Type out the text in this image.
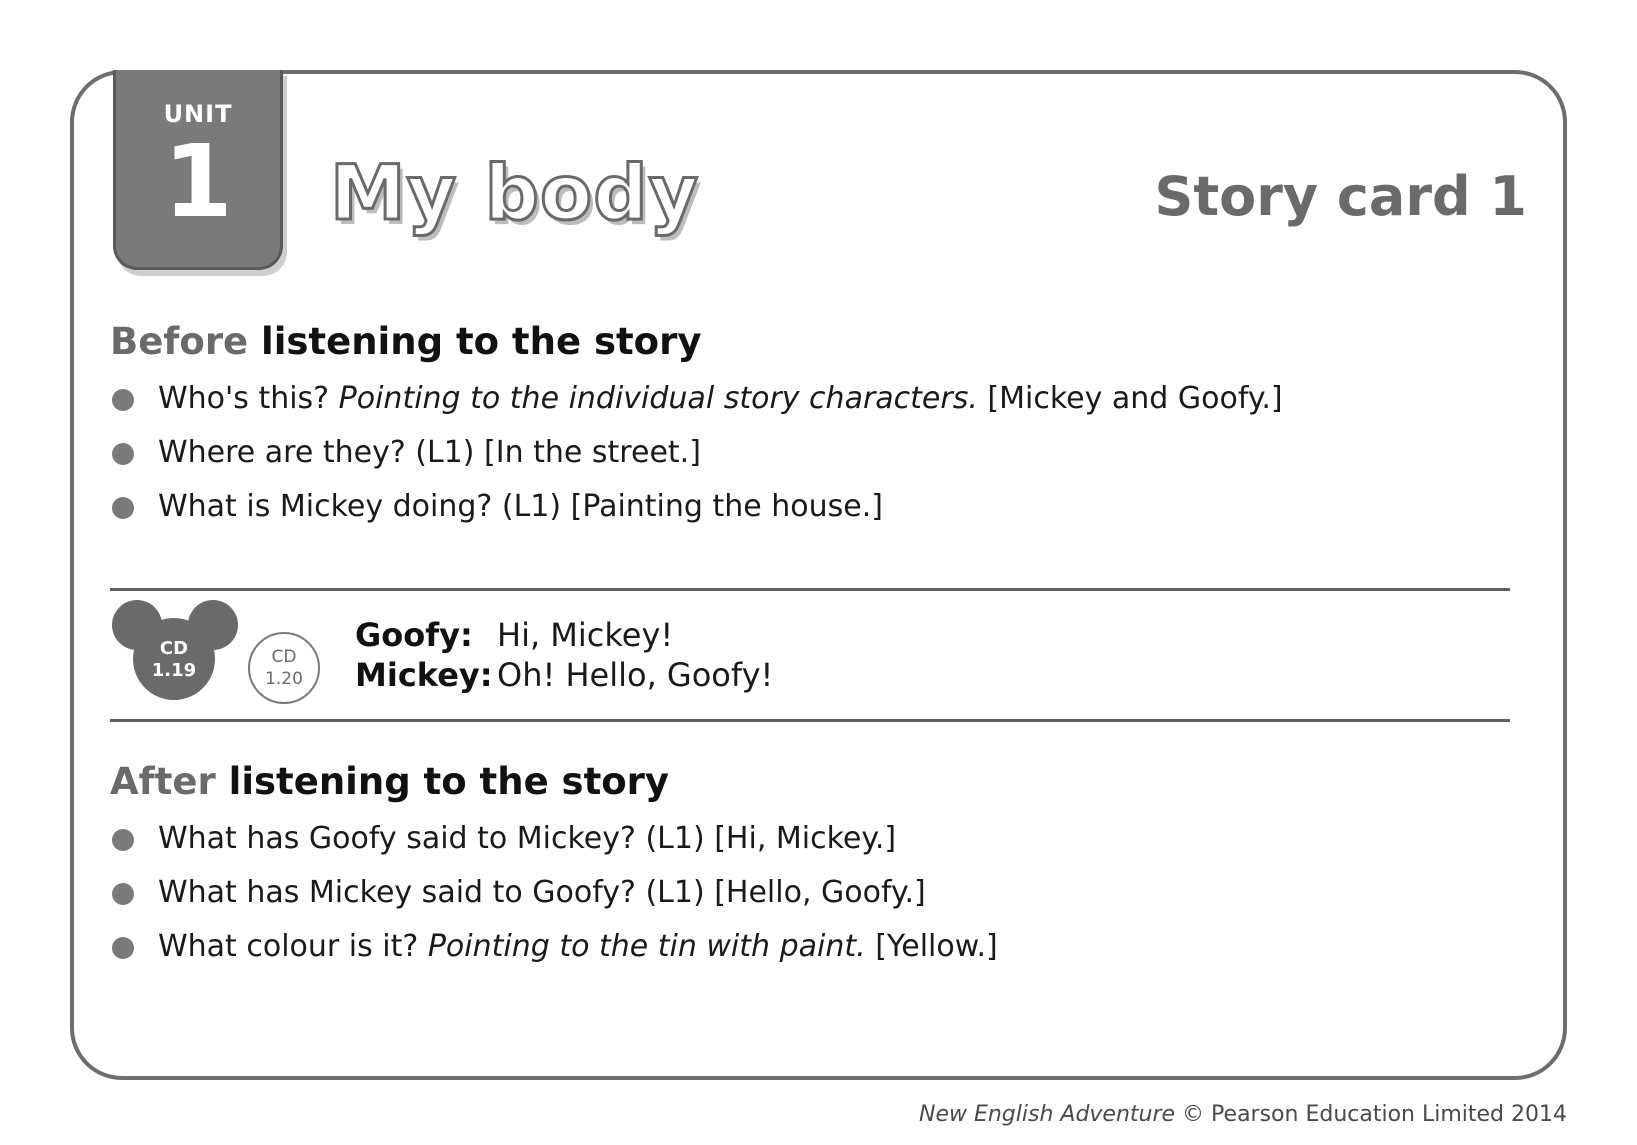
UNIT
1	My body	Story card 1
Before listening to the story
Who's this? Pointing to the individual story characters. [Mickey and Goofy.]
Where are they? (L1) [In the street.]
What is Mickey doing? (L1) [Painting the house.]
CD
1.19
CD
1.20
Goofy: Hi, Mickey!
Mickey: Oh! Hello, Goofy!
After listening to the story
What has Goofy said to Mickey? (L1) [Hi, Mickey.]
What has Mickey said to Goofy? (L1) [Hello, Goofy.]
What colour is it? Pointing to the tin with paint. [Yellow.]
New English Adventure © Pearson Education Limited 2014
